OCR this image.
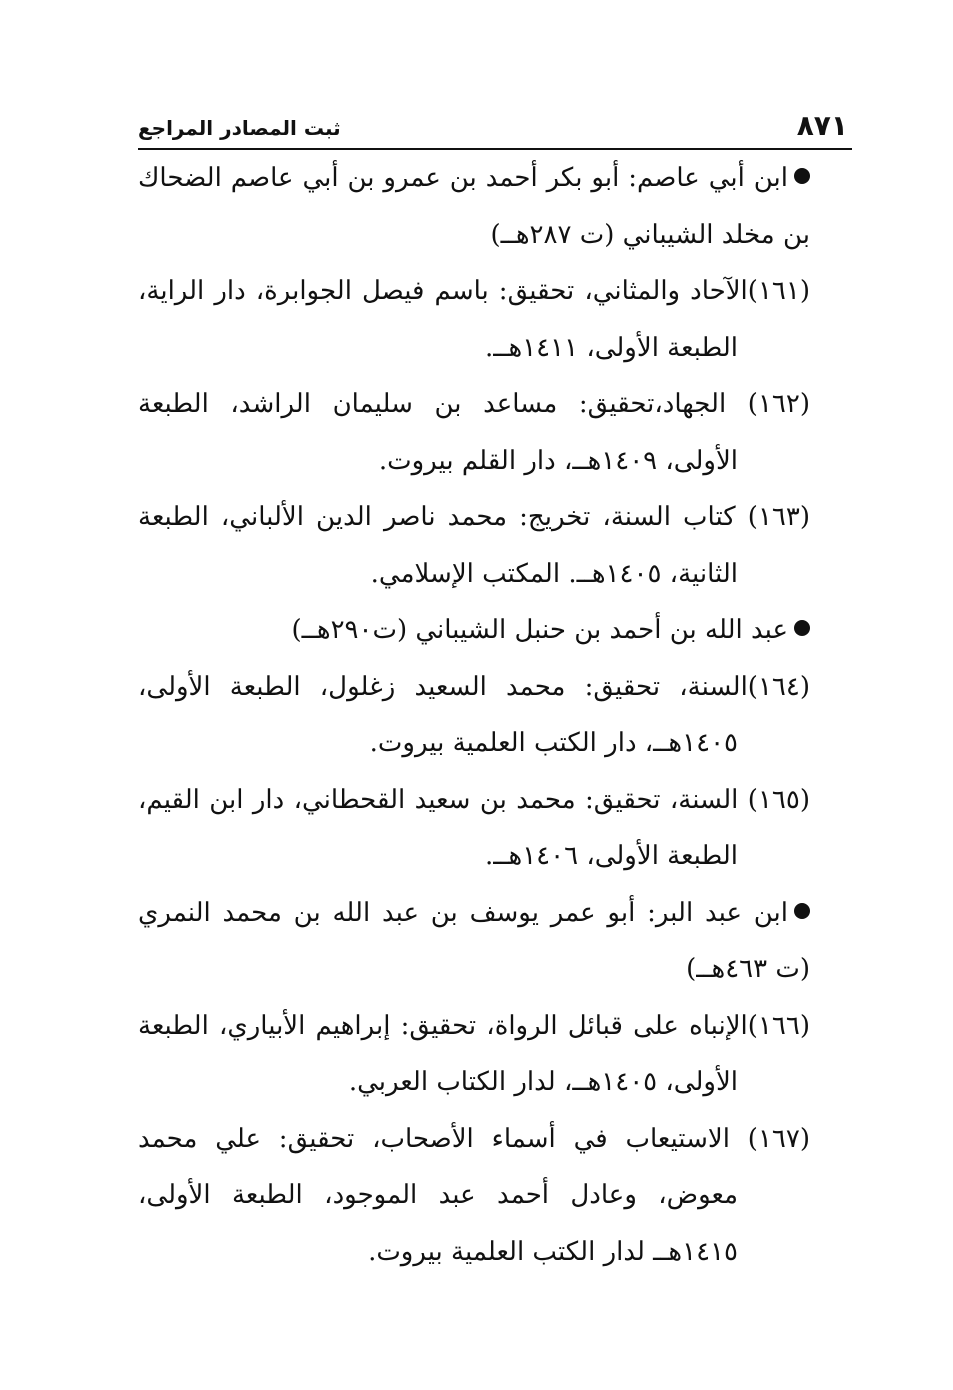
٨٧١
ثبت المصادر المراجع

ابن أبي عاصم: أبو بكر أحمد بن عمرو بن أبي عاصم الضحاك بن مخلد الشيباني (ت ٢٨٧هــ)

(١٦١)الآحاد والمثاني، تحقيق: باسم فيصل الجوابرة، دار الراية، الطبعة الأولى، ١٤١١هــ.

(١٦٢) الجهاد،تحقيق: مساعد بن سليمان الراشد، الطبعة الأولى، ١٤٠٩هــ، دار القلم بيروت.

(١٦٣) كتاب السنة، تخريج: محمد ناصر الدين الألباني، الطبعة الثانية، ١٤٠٥هــ. المكتب الإسلامي.

عبد الله بن أحمد بن حنبل الشيباني (ت٢٩٠هــ)

(١٦٤)السنة، تحقيق: محمد السعيد زغلول، الطبعة الأولى، ١٤٠٥هــ، دار الكتب العلمية بيروت.

(١٦٥) السنة، تحقيق: محمد بن سعيد القحطاني، دار ابن القيم، الطبعة الأولى، ١٤٠٦هــ.

ابن عبد البر: أبو عمر يوسف بن عبد الله بن محمد النمري (ت ٤٦٣هــ)

(١٦٦)الإنباه على قبائل الرواة، تحقيق: إبراهيم الأبياري، الطبعة الأولى، ١٤٠٥هــ، لدار الكتاب العربي.

(١٦٧) الاستيعاب في أسماء الأصحاب، تحقيق: علي محمد معوض، وعادل أحمد عبد الموجود، الطبعة الأولى، ١٤١٥هــ لدار الكتب العلمية بيروت.
